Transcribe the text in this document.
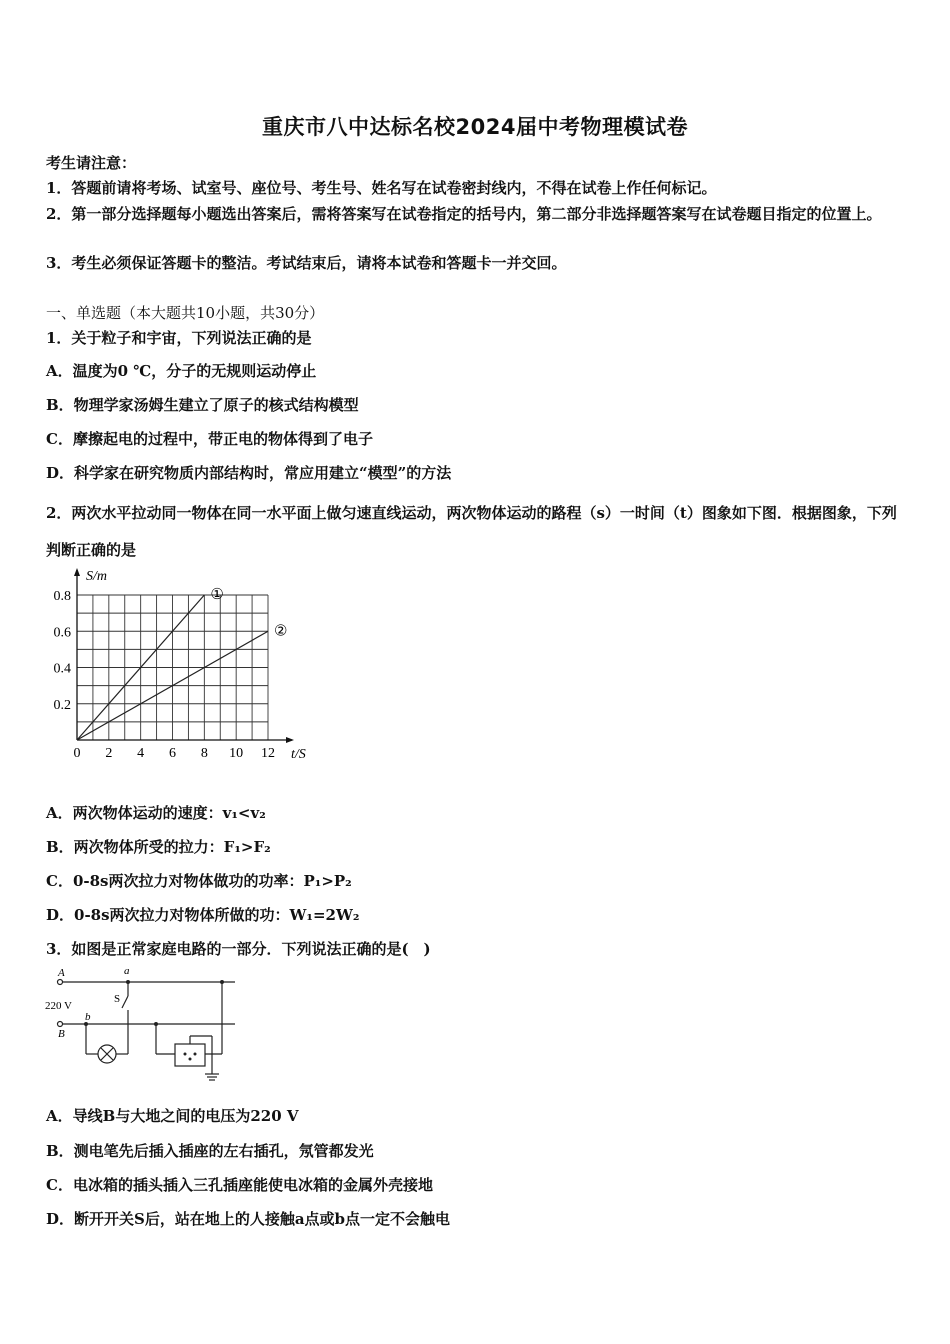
重庆市八中达标名校2024届中考物理模试卷
考生请注意：
1．答题前请将考场、试室号、座位号、考生号、姓名写在试卷密封线内，不得在试卷上作任何标记。
2．第一部分选择题每小题选出答案后，需将答案写在试卷指定的括号内，第二部分非选择题答案写在试卷题目指定的位置上。
3．考生必须保证答题卡的整洁。考试结束后，请将本试卷和答题卡一并交回。
一、单选题（本大题共10小题，共30分）
1．关于粒子和宇宙，下列说法正确的是
A．温度为0 ℃，分子的无规则运动停止
B．物理学家汤姆生建立了原子的核式结构模型
C．摩擦起电的过程中，带正电的物体得到了电子
D．科学家在研究物质内部结构时，常应用建立“模型”的方法
2．两次水平拉动同一物体在同一水平面上做匀速直线运动，两次物体运动的路程（s）一时间（t）图象如下图．根据图象，下列判断正确的是
①
②
0 2 4 6 8 10 12
0.2
0.4
0.6
0.8
S/m
t/S
A．两次物体运动的速度：v₁<v₂
B．两次物体所受的拉力：F₁>F₂
C．0-8s两次拉力对物体做功的功率：P₁>P₂
D．0-8s两次拉力对物体所做的功：W₁=2W₂
3．如图是正常家庭电路的一部分．下列说法正确的是(　)
A
B
220 V
a
b
S
A．导线B与大地之间的电压为220 V
B．测电笔先后插入插座的左右插孔，氖管都发光
C．电冰箱的插头插入三孔插座能使电冰箱的金属外壳接地
D．断开开关S后，站在地上的人接触a点或b点一定不会触电
